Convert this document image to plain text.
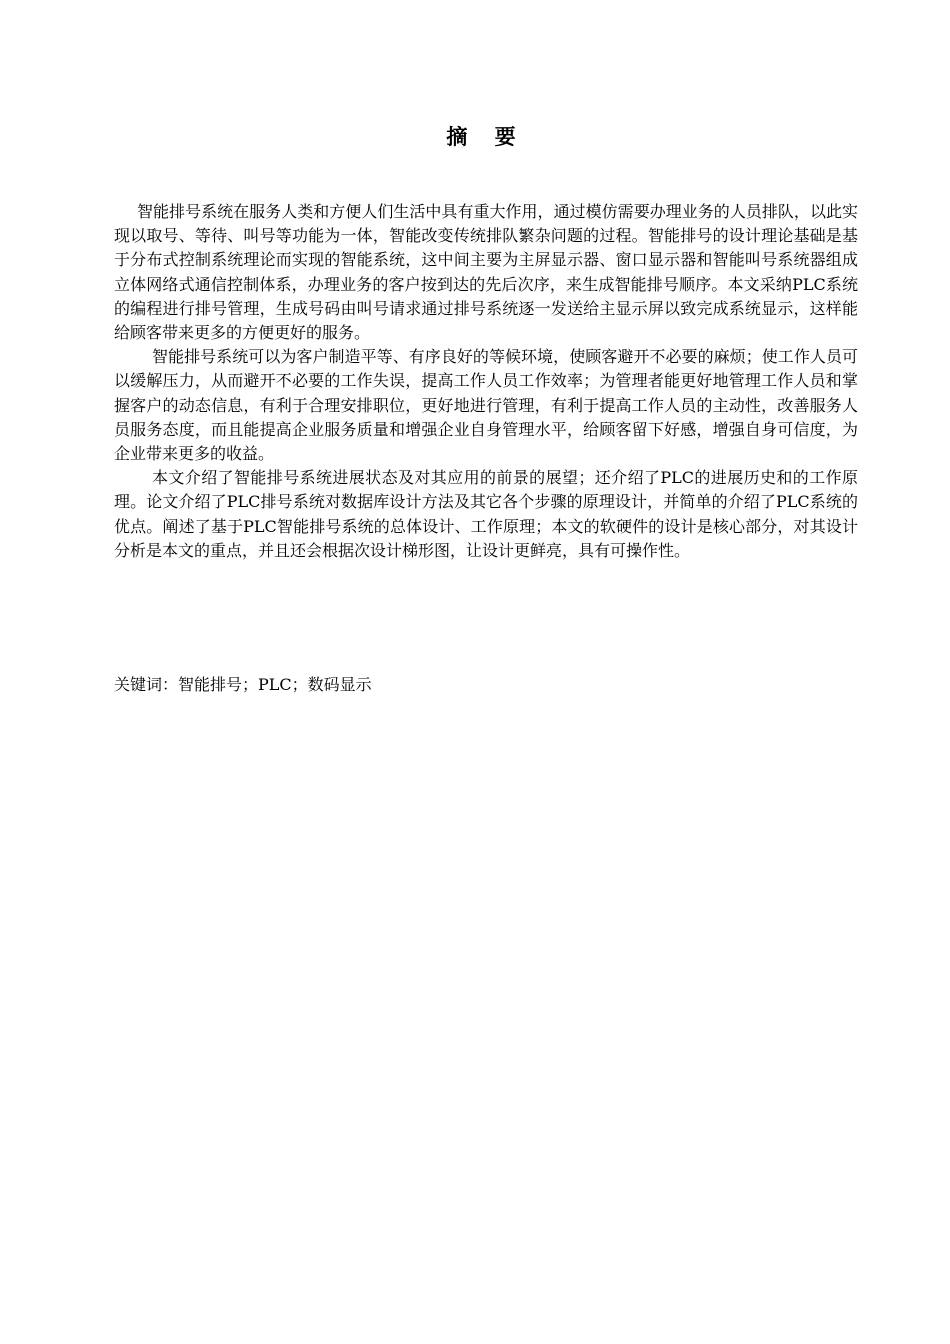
摘 要

智能排号系统在服务人类和方便人们生活中具有重大作用，通过模仿需要办理业务的人员排队，以此实现以取号、等待、叫号等功能为一体，智能改变传统排队繁杂问题的过程。智能排号的设计理论基础是基于分布式控制系统理论而实现的智能系统，这中间主要为主屏显示器、窗口显示器和智能叫号系统器组成立体网络式通信控制体系，办理业务的客户按到达的先后次序，来生成智能排号顺序。本文采纳PLC系统的编程进行排号管理，生成号码由叫号请求通过排号系统逐一发送给主显示屏以致完成系统显示，这样能给顾客带来更多的方便更好的服务。

智能排号系统可以为客户制造平等、有序良好的等候环境，使顾客避开不必要的麻烦；使工作人员可以缓解压力，从而避开不必要的工作失误，提高工作人员工作效率；为管理者能更好地管理工作人员和掌握客户的动态信息，有利于合理安排职位，更好地进行管理，有利于提高工作人员的主动性，改善服务人员服务态度，而且能提高企业服务质量和增强企业自身管理水平，给顾客留下好感，增强自身可信度，为企业带来更多的收益。

本文介绍了智能排号系统进展状态及对其应用的前景的展望；还介绍了PLC的进展历史和的工作原理。论文介绍了PLC排号系统对数据库设计方法及其它各个步骤的原理设计，并简单的介绍了PLC系统的优点。阐述了基于PLC智能排号系统的总体设计、工作原理；本文的软硬件的设计是核心部分，对其设计分析是本文的重点，并且还会根据次设计梯形图，让设计更鲜亮，具有可操作性。

关键词：智能排号；PLC；数码显示
